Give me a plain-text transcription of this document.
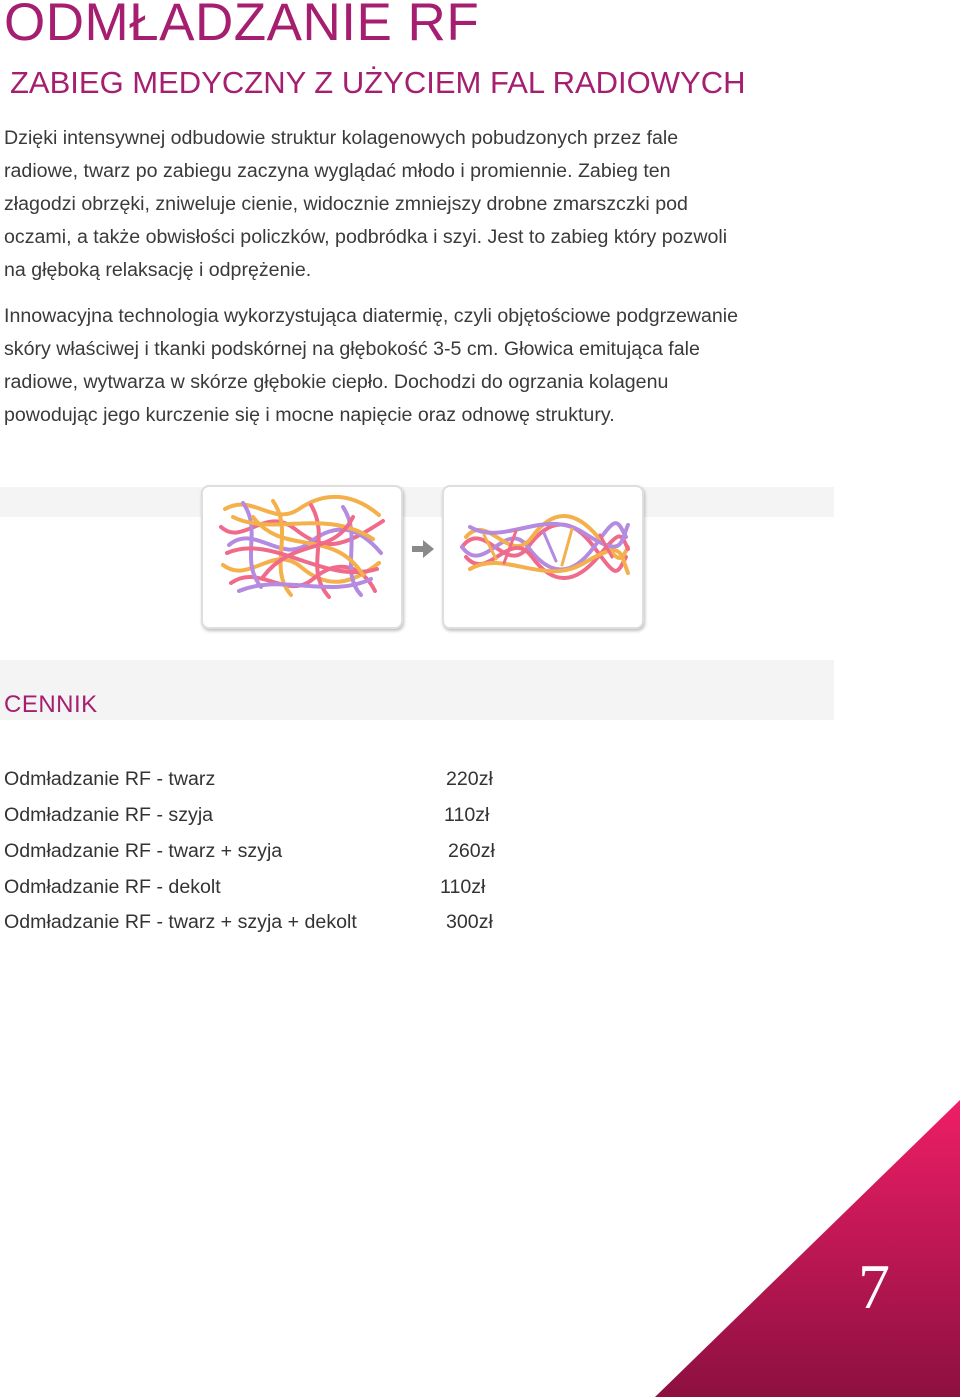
ODMŁADZANIE RF
ZABIEG MEDYCZNY Z UŻYCIEM FAL RADIOWYCH

Dzięki intensywnej odbudowie struktur kolagenowych pobudzonych przez fale
radiowe, twarz po zabiegu zaczyna wyglądać młodo i promiennie. Zabieg ten
złagodzi obrzęki, zniweluje cienie, widocznie zmniejszy drobne zmarszczki pod
oczami, a także obwisłości policzków, podbródka i szyi. Jest to zabieg który pozwoli
na głęboką relaksację i odprężenie.

Innowacyjna technologia wykorzystująca diatermię, czyli objętościowe podgrzewanie
skóry właściwej i tkanki podskórnej na głębokość 3-5 cm. Głowica emitująca fale
radiowe, wytwarza w skórze głębokie ciepło. Dochodzi do ogrzania kolagenu
powodując jego kurczenie się i mocne napięcie oraz odnowę struktury.

CENNIK
Odmładzanie RF - twarz	220zł
Odmładzanie RF - szyja	110zł
Odmładzanie RF - twarz + szyja	260zł
Odmładzanie RF - dekolt	110zł
Odmładzanie RF - twarz + szyja + dekolt	300zł
7
